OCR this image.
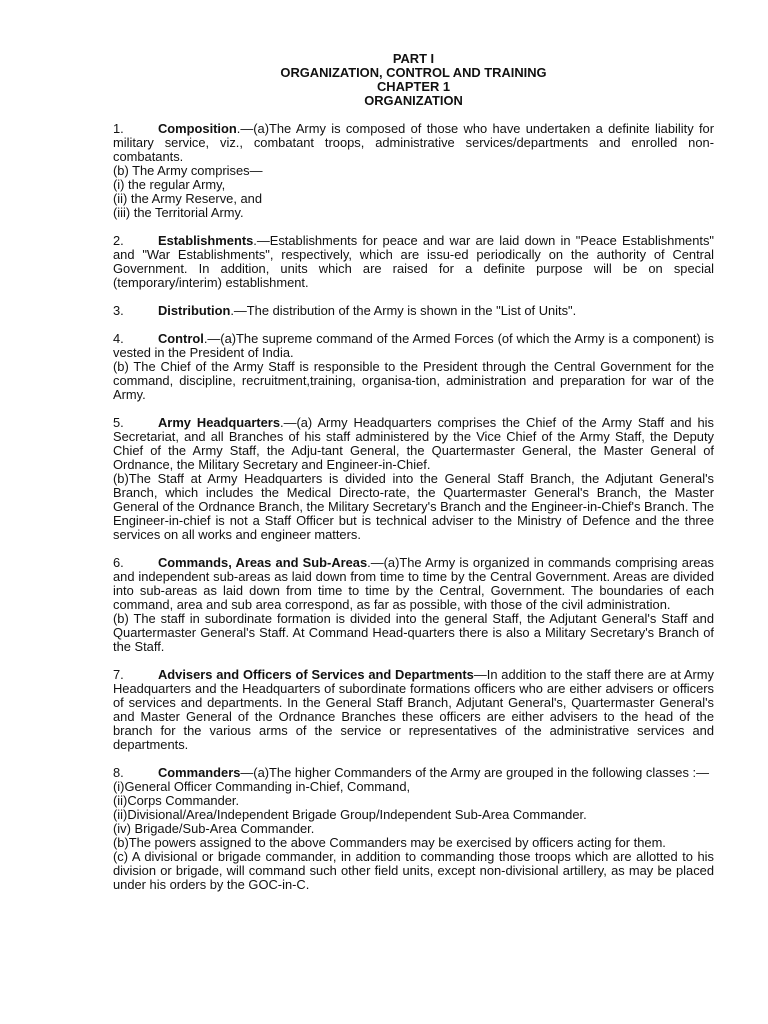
PART I

ORGANIZATION, CONTROL AND TRAINING

CHAPTER 1

ORGANIZATION

1.	Composition.—(a)The Army is composed of those who have undertaken a definite liability for military service, viz., combatant troops, administrative services/departments and enrolled non-combatants.

(b) The Army comprises—

(i) the regular Army,

(ii) the Army Reserve, and

(iii) the Territorial Army.

2.	Establishments.—Establishments for peace and war are laid down in "Peace Establishments" and "War Establishments", respectively, which are issu-ed periodically on the authority of Central Government. In addition, units which are raised for a definite purpose will be on special (temporary/interim) establishment.

3.	Distribution.—The distribution of the Army is shown in the "List of Units".

4.	Control.—(a)The supreme command of the Armed Forces (of which the Army is a component) is vested in the President of India.

(b) The Chief of the Army Staff is responsible to the President through the Central Government for the command, discipline, recruitment,training, organisa-tion, administration and preparation for war of the Army.

5.	Army Headquarters.—(a) Army Headquarters comprises the Chief of the Army Staff and his Secretariat, and all Branches of his staff administered by the Vice Chief of the Army Staff, the Deputy Chief of the Army Staff, the Adju-tant General, the Quartermaster General, the Master General of Ordnance, the Military Secretary and Engineer-in-Chief.

(b)The Staff at Army Headquarters is divided into the General Staff Branch, the Adjutant General's Branch, which includes the Medical Directo-rate, the Quartermaster General's Branch, the Master General of the Ordnance Branch, the Military Secretary's Branch and the Engineer-in-Chief's Branch. The Engineer-in-chief is not a Staff Officer but is technical adviser to the Ministry of Defence and the three services on all works and engineer matters.

6.	Commands, Areas and Sub-Areas.—(a)The Army is organized in commands comprising areas and independent sub-areas as laid down from time to time by the Central Government. Areas are divided into sub-areas as laid down from time to time by the Central, Government. The boundaries of each command, area and sub area correspond, as far as possible, with those of the civil administration.

(b) The staff in subordinate formation is divided into the general Staff, the Adjutant General's Staff and Quartermaster General's Staff. At Command Head-quarters there is also a Military Secretary's Branch of the Staff.

7.	Advisers and Officers of Services and Departments—In addition to the staff there are at Army Headquarters and the Headquarters of subordinate formations officers who are either advisers or officers of services and departments. In the General Staff Branch, Adjutant General's, Quartermaster General's and Master General of the Ordnance Branches these officers are either advisers to the head of the branch for the various arms of the service or representatives of the administrative services and departments.

8.	Commanders—(a)The higher Commanders of the Army are grouped in the following classes :—

(i)General Officer Commanding in-Chief, Command,

(ii)Corps Commander.

(ii)Divisional/Area/Independent Brigade Group/Independent Sub-Area Commander.

(iv) Brigade/Sub-Area Commander.

(b)The powers assigned to the above Commanders may be exercised by officers acting for them.

(c) A divisional or brigade commander, in addition to commanding those troops which are allotted to his division or brigade, will command such other field units, except non-divisional artillery, as may be placed under his orders by the GOC-in-C.
